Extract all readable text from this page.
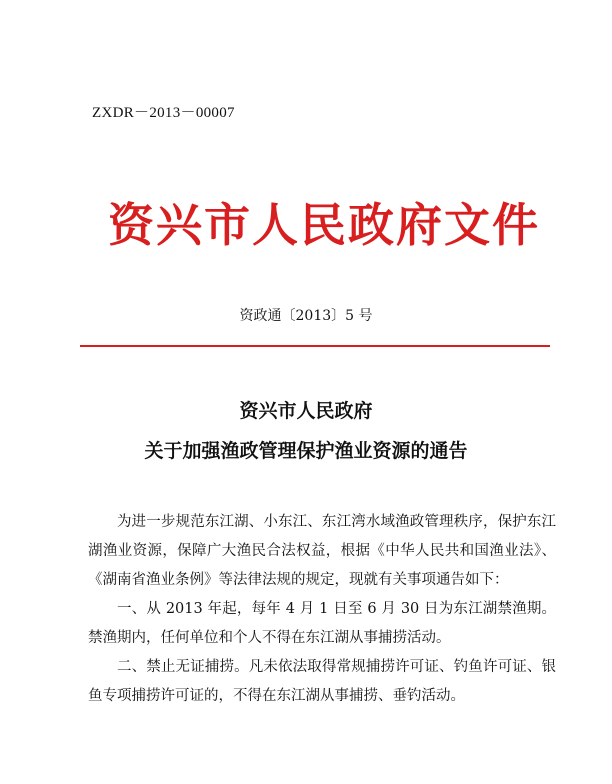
ZXDR－2013－00007
资兴市人民政府文件
资政通〔2013〕5 号
资兴市人民政府
关于加强渔政管理保护渔业资源的通告

为进一步规范东江湖、小东江、东江湾水域渔政管理秩序，保护东江湖渔业资源，保障广大渔民合法权益，根据《中华人民共和国渔业法》、《湖南省渔业条例》等法律法规的规定，现就有关事项通告如下：

一、从 2013 年起，每年 4 月 1 日至 6 月 30 日为东江湖禁渔期。禁渔期内，任何单位和个人不得在东江湖从事捕捞活动。

二、禁止无证捕捞。凡未依法取得常规捕捞许可证、钓鱼许可证、银鱼专项捕捞许可证的，不得在东江湖从事捕捞、垂钓活动。
